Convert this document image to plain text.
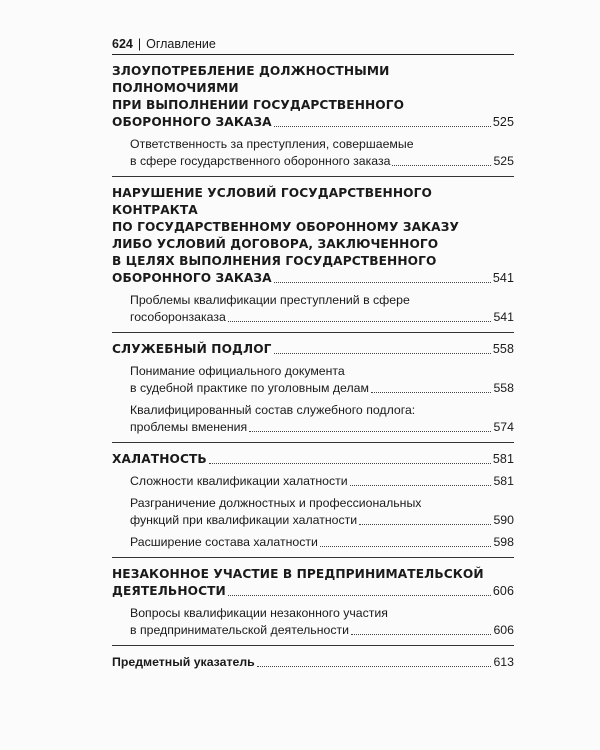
624 | Оглавление
ЗЛОУПОТРЕБЛЕНИЕ ДОЛЖНОСТНЫМИ ПОЛНОМОЧИЯМИ
ПРИ ВЫПОЛНЕНИИ ГОСУДАРСТВЕННОГО
ОБОРОННОГО ЗАКАЗА	525
Ответственность за преступления, совершаемые
в сфере государственного оборонного заказа	525
НАРУШЕНИЕ УСЛОВИЙ ГОСУДАРСТВЕННОГО КОНТРАКТА
ПО ГОСУДАРСТВЕННОМУ ОБОРОННОМУ ЗАКАЗУ
ЛИБО УСЛОВИЙ ДОГОВОРА, ЗАКЛЮЧЕННОГО
В ЦЕЛЯХ ВЫПОЛНЕНИЯ ГОСУДАРСТВЕННОГО
ОБОРОННОГО ЗАКАЗА	541
Проблемы квалификации преступлений в сфере
гособоронзаказа	541
СЛУЖЕБНЫЙ ПОДЛОГ	558
Понимание официального документа
в судебной практике по уголовным делам	558
Квалифицированный состав служебного подлога:
проблемы вменения	574
ХАЛАТНОСТЬ	581
Сложности квалификации халатности	581
Разграничение должностных и профессиональных
функций при квалификации халатности	590
Расширение состава халатности	598
НЕЗАКОННОЕ УЧАСТИЕ В ПРЕДПРИНИМАТЕЛЬСКОЙ
ДЕЯТЕЛЬНОСТИ	606
Вопросы квалификации незаконного участия
в предпринимательской деятельности	606
Предметный указатель	613
